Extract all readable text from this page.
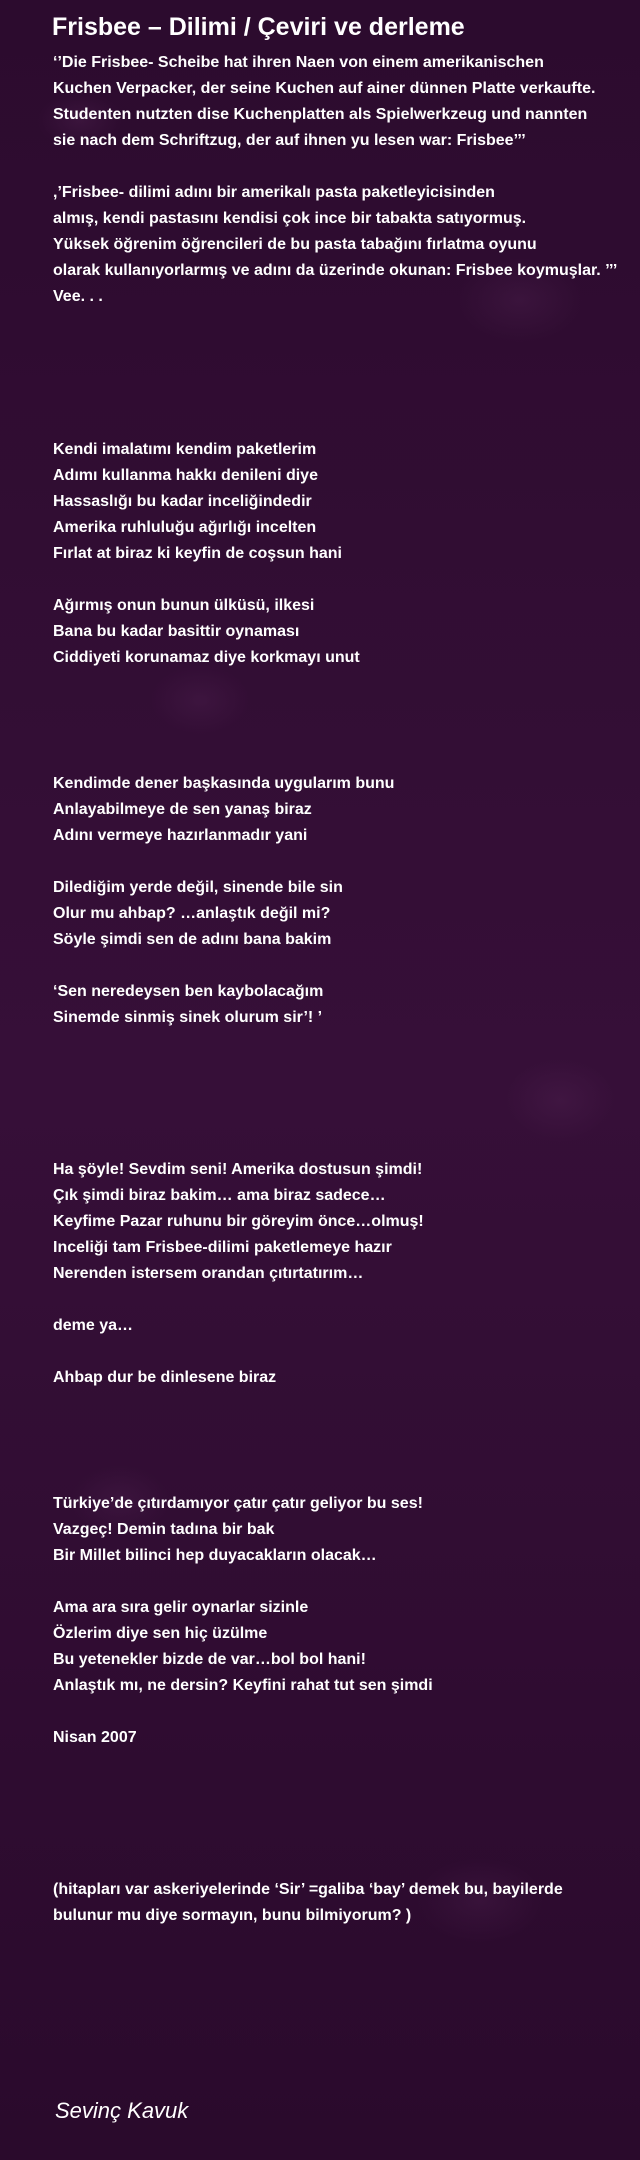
Frisbee – Dilimi / Çeviri ve derleme
‘’Die Frisbee- Scheibe hat ihren Naen von einem amerikanischen
Kuchen Verpacker, der seine Kuchen auf ainer dünnen Platte verkaufte.
Studenten nutzten dise Kuchenplatten als Spielwerkzeug und nannten
sie nach dem Schriftzug, der auf ihnen yu lesen war: Frisbee’’’
,’Frisbee- dilimi adını bir amerikalı pasta paketleyicisinden
almış, kendi pastasını kendisi çok ince bir tabakta satıyormuş.
Yüksek öğrenim öğrencileri de bu pasta tabağını fırlatma oyunu
olarak kullanıyorlarmış ve adını da üzerinde okunan: Frisbee koymuşlar. ’’’
Vee. . .
Kendi imalatımı kendim paketlerim
Adımı kullanma hakkı denileni diye
Hassaslığı bu kadar inceliğindedir
Amerika ruhluluğu ağırlığı incelten
Fırlat at biraz ki keyfin de coşsun hani
Ağırmış onun bunun ülküsü, ilkesi
Bana bu kadar basittir oynaması
Ciddiyeti korunamaz diye korkmayı unut
Kendimde dener başkasında uygularım bunu
Anlayabilmeye de sen yanaş biraz
Adını vermeye hazırlanmadır yani
Dilediğim yerde değil, sinende bile sin
Olur mu ahbap? …anlaştık değil mi?
Söyle şimdi sen de adını bana bakim
‘Sen neredeysen ben kaybolacağım
Sinemde sinmiş sinek olurum sir’! ’
Ha şöyle! Sevdim seni! Amerika dostusun şimdi!
Çık şimdi biraz bakim… ama biraz sadece…
Keyfime Pazar ruhunu bir göreyim önce…olmuş!
Inceliği tam Frisbee-dilimi paketlemeye hazır
Nerenden istersem orandan çıtırtatırım…
deme ya…
Ahbap dur be dinlesene biraz
Türkiye’de çıtırdamıyor çatır çatır geliyor bu ses!
Vazgeç! Demin tadına bir bak
Bir Millet bilinci hep duyacakların olacak…
Ama ara sıra gelir oynarlar sizinle
Özlerim diye sen hiç üzülme
Bu yetenekler bizde de var…bol bol hani!
Anlaştık mı, ne dersin? Keyfini rahat tut sen şimdi
Nisan 2007
(hitapları var askeriyelerinde ‘Sir’ =galiba ‘bay’ demek bu, bayilerde
bulunur mu diye sormayın, bunu bilmiyorum? )
Sevinç Kavuk
